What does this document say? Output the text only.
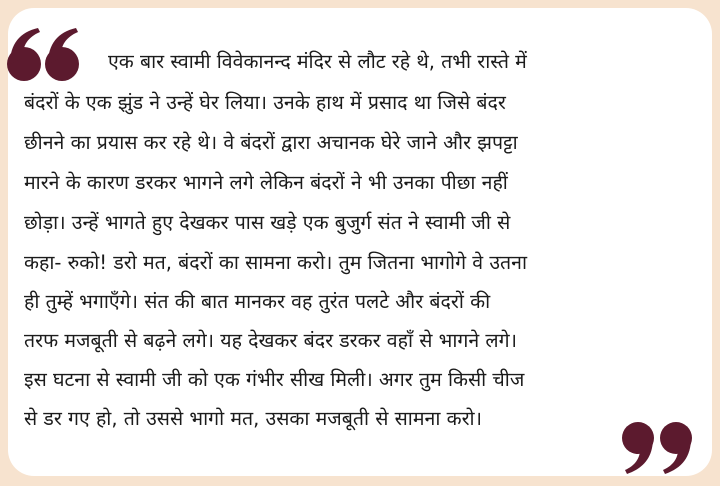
एक बार स्वामी विवेकानन्द मंदिर से लौट रहे थे, तभी रास्ते में
बंदरों के एक झुंड ने उन्हें घेर लिया। उनके हाथ में प्रसाद था जिसे बंदर
छीनने का प्रयास कर रहे थे। वे बंदरों द्वारा अचानक घेरे जाने और झपट्टा
मारने के कारण डरकर भागने लगे लेकिन बंदरों ने भी उनका पीछा नहीं
छोड़ा। उन्हें भागते हुए देखकर पास खड़े एक बुजुर्ग संत ने स्वामी जी से
कहा- रुको! डरो मत, बंदरों का सामना करो। तुम जितना भागोगे वे उतना
ही तुम्हें भगाएँगे। संत की बात मानकर वह तुरंत पलटे और बंदरों की
तरफ मजबूती से बढ़ने लगे। यह देखकर बंदर डरकर वहाँ से भागने लगे।
इस घटना से स्वामी जी को एक गंभीर सीख मिली। अगर तुम किसी चीज
से डर गए हो, तो उससे भागो मत, उसका मजबूती से सामना करो।
